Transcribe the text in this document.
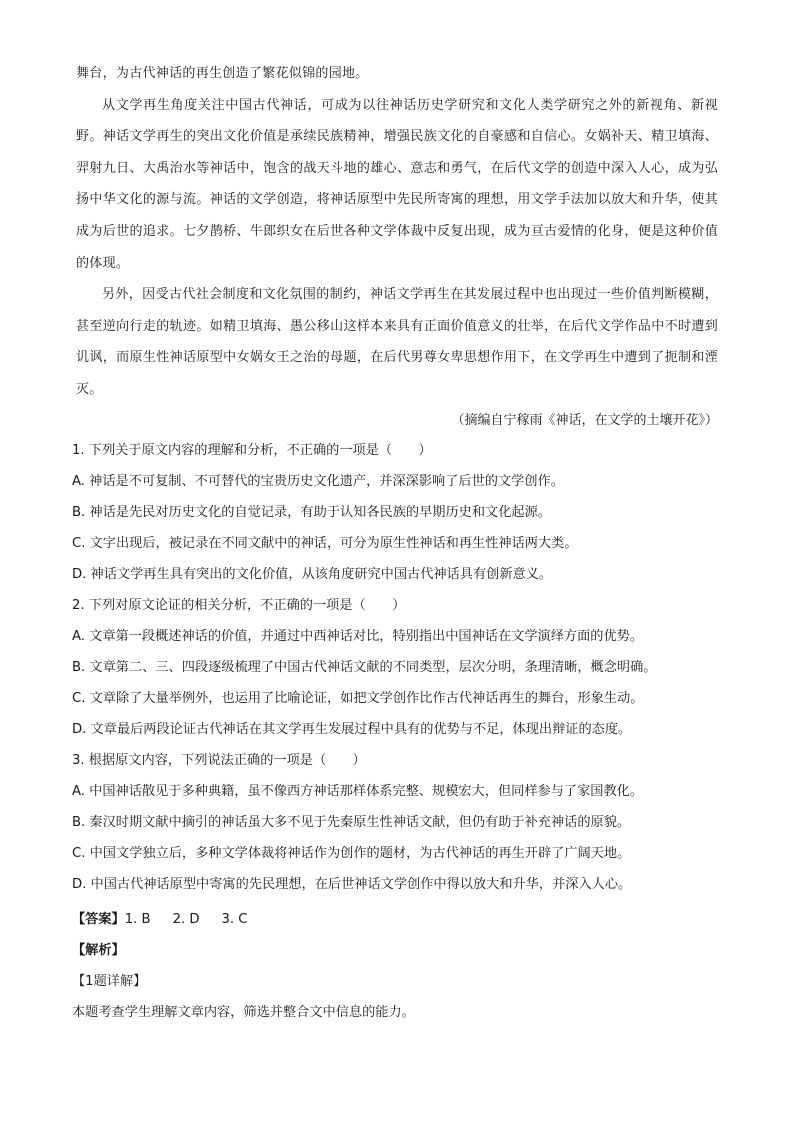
舞台，为古代神话的再生创造了繁花似锦的园地。

从文学再生角度关注中国古代神话，可成为以往神话历史学研究和文化人类学研究之外的新视角、新视野。神话文学再生的突出文化价值是承续民族精神，增强民族文化的自豪感和自信心。女娲补天、精卫填海、羿射九日、大禹治水等神话中，饱含的战天斗地的雄心、意志和勇气，在后代文学的创造中深入人心，成为弘扬中华文化的源与流。神话的文学创造，将神话原型中先民所寄寓的理想，用文学手法加以放大和升华，使其成为后世的追求。七夕鹊桥、牛郎织女在后世各种文学体裁中反复出现，成为亘古爱情的化身，便是这种价值的体现。

另外，因受古代社会制度和文化氛围的制约，神话文学再生在其发展过程中也出现过一些价值判断模糊，甚至逆向行走的轨迹。如精卫填海、愚公移山这样本来具有正面价值意义的壮举，在后代文学作品中不时遭到讥讽，而原生性神话原型中女娲女王之治的母题，在后代男尊女卑思想作用下，在文学再生中遭到了扼制和湮灭。

（摘编自宁稼雨《神话，在文学的土壤开花》）
1. 下列关于原文内容的理解和分析，不正确的一项是（　　）
A. 神话是不可复制、不可替代的宝贵历史文化遗产，并深深影响了后世的文学创作。
B. 神话是先民对历史文化的自觉记录，有助于认知各民族的早期历史和文化起源。
C. 文字出现后，被记录在不同文献中的神话，可分为原生性神话和再生性神话两大类。
D. 神话文学再生具有突出的文化价值，从该角度研究中国古代神话具有创新意义。
2. 下列对原文论证的相关分析，不正确的一项是（　　）
A. 文章第一段概述神话的价值，并通过中西神话对比，特别指出中国神话在文学演绎方面的优势。
B. 文章第二、三、四段逐级梳理了中国古代神话文献的不同类型，层次分明，条理清晰，概念明确。
C. 文章除了大量举例外，也运用了比喻论证，如把文学创作比作古代神话再生的舞台，形象生动。
D. 文章最后两段论证古代神话在其文学再生发展过程中具有的优势与不足，体现出辩证的态度。
3. 根据原文内容，下列说法正确的一项是（　　）
A. 中国神话散见于多种典籍，虽不像西方神话那样体系完整、规模宏大，但同样参与了家国教化。
B. 秦汉时期文献中摘引的神话虽大多不见于先秦原生性神话文献，但仍有助于补充神话的原貌。
C. 中国文学独立后，多种文学体裁将神话作为创作的题材，为古代神话的再生开辟了广阔天地。
D. 中国古代神话原型中寄寓的先民理想，在后世神话文学创作中得以放大和升华，并深入人心。
【答案】1. B 2. D 3. C
【解析】
【1题详解】
本题考查学生理解文章内容，筛选并整合文中信息的能力。
